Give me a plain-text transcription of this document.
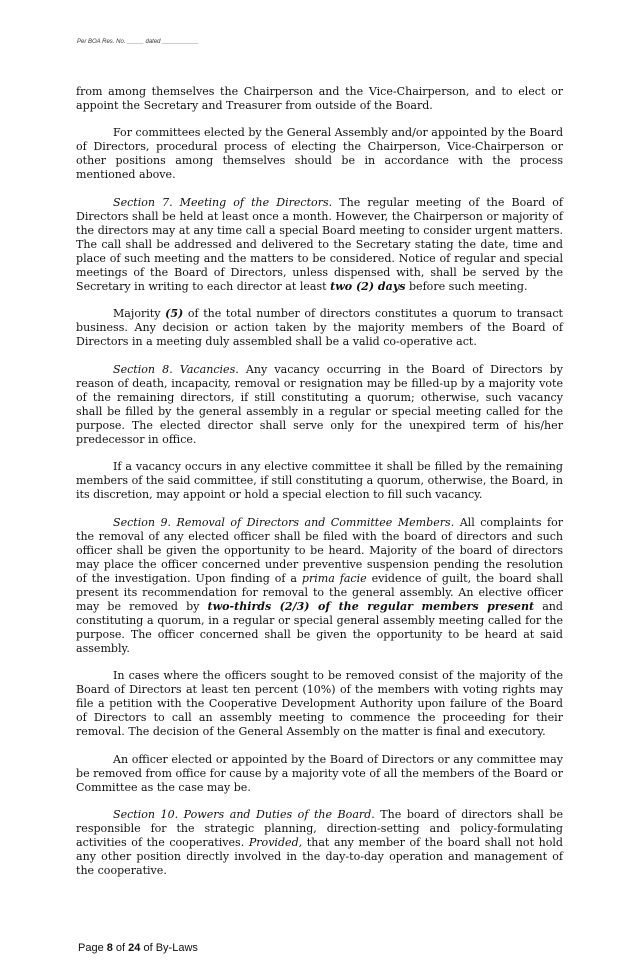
Per BOA Res. No. _____ dated ___________

from among themselves the Chairperson and the Vice-Chairperson, and to elect or appoint the Secretary and Treasurer from outside of the Board.

For committees elected by the General Assembly and/or appointed by the Board of Directors, procedural process of electing the Chairperson, Vice-Chairperson or other positions among themselves should be in accordance with the process mentioned above.

Section 7. Meeting of the Directors. The regular meeting of the Board of Directors shall be held at least once a month. However, the Chairperson or majority of the directors may at any time call a special Board meeting to consider urgent matters. The call shall be addressed and delivered to the Secretary stating the date, time and place of such meeting and the matters to be considered. Notice of regular and special meetings of the Board of Directors, unless dispensed with, shall be served by the Secretary in writing to each director at least two (2) days before such meeting.

Majority (5) of the total number of directors constitutes a quorum to transact business. Any decision or action taken by the majority members of the Board of Directors in a meeting duly assembled shall be a valid co-operative act.

Section 8. Vacancies. Any vacancy occurring in the Board of Directors by reason of death, incapacity, removal or resignation may be filled-up by a majority vote of the remaining directors, if still constituting a quorum; otherwise, such vacancy shall be filled by the general assembly in a regular or special meeting called for the purpose. The elected director shall serve only for the unexpired term of his/her predecessor in office.

If a vacancy occurs in any elective committee it shall be filled by the remaining members of the said committee, if still constituting a quorum, otherwise, the Board, in its discretion, may appoint or hold a special election to fill such vacancy.

Section 9. Removal of Directors and Committee Members. All complaints for the removal of any elected officer shall be filed with the board of directors and such officer shall be given the opportunity to be heard. Majority of the board of directors may place the officer concerned under preventive suspension pending the resolution of the investigation. Upon finding of a prima facie evidence of guilt, the board shall present its recommendation for removal to the general assembly. An elective officer may be removed by two-thirds (2/3) of the regular members present and constituting a quorum, in a regular or special general assembly meeting called for the purpose. The officer concerned shall be given the opportunity to be heard at said assembly.

In cases where the officers sought to be removed consist of the majority of the Board of Directors at least ten percent (10%) of the members with voting rights may file a petition with the Cooperative Development Authority upon failure of the Board of Directors to call an assembly meeting to commence the proceeding for their removal. The decision of the General Assembly on the matter is final and executory.

An officer elected or appointed by the Board of Directors or any committee may be removed from office for cause by a majority vote of all the members of the Board or Committee as the case may be.

Section 10. Powers and Duties of the Board. The board of directors shall be responsible for the strategic planning, direction-setting and policy-formulating activities of the cooperatives. Provided, that any member of the board shall not hold any other position directly involved in the day-to-day operation and management of the cooperative.

Page 8 of 24 of By-Laws
